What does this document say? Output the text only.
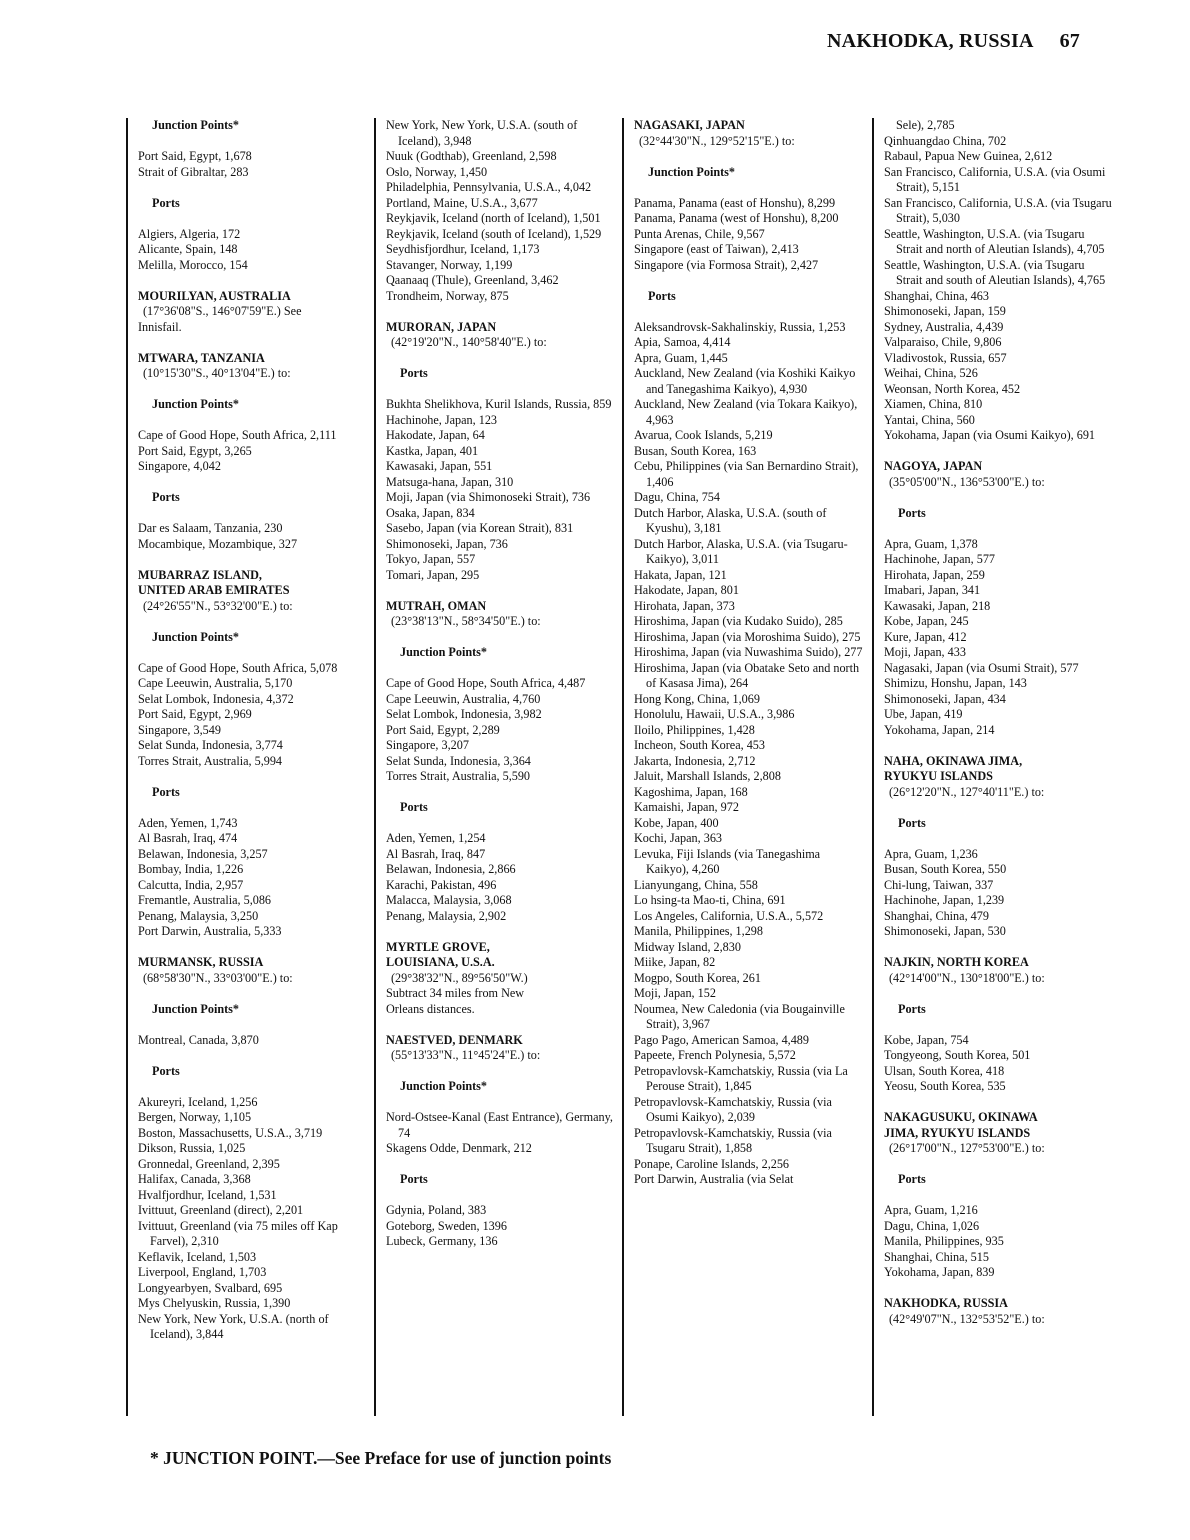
NAKHODKA, RUSSIA 67
Junction Points*
Port Said, Egypt, 1,678
Strait of Gibraltar, 283
Ports
Algiers, Algeria, 172
Alicante, Spain, 148
Melilla, Morocco, 154
MOURILYAN, AUSTRALIA
(17°36'08"S., 146°07'59"E.) See
Innisfail.
MTWARA, TANZANIA
(10°15'30"S., 40°13'04"E.) to:
Junction Points*
Cape of Good Hope, South Africa, 2,111
Port Said, Egypt, 3,265
Singapore, 4,042
Ports
Dar es Salaam, Tanzania, 230
Mocambique, Mozambique, 327
MUBARRAZ ISLAND,
UNITED ARAB EMIRATES
(24°26'55"N., 53°32'00"E.) to:
Junction Points*
Cape of Good Hope, South Africa, 5,078
Cape Leeuwin, Australia, 5,170
Selat Lombok, Indonesia, 4,372
Port Said, Egypt, 2,969
Singapore, 3,549
Selat Sunda, Indonesia, 3,774
Torres Strait, Australia, 5,994
Ports
Aden, Yemen, 1,743
Al Basrah, Iraq, 474
Belawan, Indonesia, 3,257
Bombay, India, 1,226
Calcutta, India, 2,957
Fremantle, Australia, 5,086
Penang, Malaysia, 3,250
Port Darwin, Australia, 5,333
MURMANSK, RUSSIA
(68°58'30"N., 33°03'00"E.) to:
Junction Points*
Montreal, Canada, 3,870
Ports
Akureyri, Iceland, 1,256
Bergen, Norway, 1,105
Boston, Massachusetts, U.S.A., 3,719
Dikson, Russia, 1,025
Gronnedal, Greenland, 2,395
Halifax, Canada, 3,368
Hvalfjordhur, Iceland, 1,531
Ivittuut, Greenland (direct), 2,201
Ivittuut, Greenland (via 75 miles off Kap Farvel), 2,310
Keflavik, Iceland, 1,503
Liverpool, England, 1,703
Longyearbyen, Svalbard, 695
Mys Chelyuskin, Russia, 1,390
New York, New York, U.S.A. (north of Iceland), 3,844
New York, New York, U.S.A. (south of Iceland), 3,948
Nuuk (Godthab), Greenland, 2,598
Oslo, Norway, 1,450
Philadelphia, Pennsylvania, U.S.A., 4,042
Portland, Maine, U.S.A., 3,677
Reykjavik, Iceland (north of Iceland), 1,501
Reykjavik, Iceland (south of Iceland), 1,529
Seydhisfjordhur, Iceland, 1,173
Stavanger, Norway, 1,199
Qaanaaq (Thule), Greenland, 3,462
Trondheim, Norway, 875
MURORAN, JAPAN
(42°19'20"N., 140°58'40"E.) to:
Ports
Bukhta Shelikhova, Kuril Islands, Russia, 859
Hachinohe, Japan, 123
Hakodate, Japan, 64
Kastka, Japan, 401
Kawasaki, Japan, 551
Matsuga-hana, Japan, 310
Moji, Japan (via Shimonoseki Strait), 736
Osaka, Japan, 834
Sasebo, Japan (via Korean Strait), 831
Shimonoseki, Japan, 736
Tokyo, Japan, 557
Tomari, Japan, 295
MUTRAH, OMAN
(23°38'13"N., 58°34'50"E.) to:
Junction Points*
Cape of Good Hope, South Africa, 4,487
Cape Leeuwin, Australia, 4,760
Selat Lombok, Indonesia, 3,982
Port Said, Egypt, 2,289
Singapore, 3,207
Selat Sunda, Indonesia, 3,364
Torres Strait, Australia, 5,590
Ports
Aden, Yemen, 1,254
Al Basrah, Iraq, 847
Belawan, Indonesia, 2,866
Karachi, Pakistan, 496
Malacca, Malaysia, 3,068
Penang, Malaysia, 2,902
MYRTLE GROVE,
LOUISIANA, U.S.A.
(29°38'32"N., 89°56'50"W.)
Subtract 34 miles from New
Orleans distances.
NAESTVED, DENMARK
(55°13'33"N., 11°45'24"E.) to:
Junction Points*
Nord-Ostsee-Kanal (East Entrance), Germany, 74
Skagens Odde, Denmark, 212
Ports
Gdynia, Poland, 383
Goteborg, Sweden, 1396
Lubeck, Germany, 136
NAGASAKI, JAPAN
(32°44'30"N., 129°52'15"E.) to:
Junction Points*
Panama, Panama (east of Honshu), 8,299
Panama, Panama (west of Honshu), 8,200
Punta Arenas, Chile, 9,567
Singapore (east of Taiwan), 2,413
Singapore (via Formosa Strait), 2,427
Ports
Aleksandrovsk-Sakhalinskiy, Russia, 1,253
Apia, Samoa, 4,414
Apra, Guam, 1,445
Auckland, New Zealand (via Koshiki Kaikyo and Tanegashima Kaikyo), 4,930
Auckland, New Zealand (via Tokara Kaikyo), 4,963
Avarua, Cook Islands, 5,219
Busan, South Korea, 163
Cebu, Philippines (via San Bernardino Strait), 1,406
Dagu, China, 754
Dutch Harbor, Alaska, U.S.A. (south of Kyushu), 3,181
Dutch Harbor, Alaska, U.S.A. (via Tsugaru-Kaikyo), 3,011
Hakata, Japan, 121
Hakodate, Japan, 801
Hirohata, Japan, 373
Hiroshima, Japan (via Kudako Suido), 285
Hiroshima, Japan (via Moroshima Suido), 275
Hiroshima, Japan (via Nuwashima Suido), 277
Hiroshima, Japan (via Obatake Seto and north of Kasasa Jima), 264
Hong Kong, China, 1,069
Honolulu, Hawaii, U.S.A., 3,986
Iloilo, Philippines, 1,428
Incheon, South Korea, 453
Jakarta, Indonesia, 2,712
Jaluit, Marshall Islands, 2,808
Kagoshima, Japan, 168
Kamaishi, Japan, 972
Kobe, Japan, 400
Kochi, Japan, 363
Levuka, Fiji Islands (via Tanegashima Kaikyo), 4,260
Lianyungang, China, 558
Lo hsing-ta Mao-ti, China, 691
Los Angeles, California, U.S.A., 5,572
Manila, Philippines, 1,298
Midway Island, 2,830
Miike, Japan, 82
Mogpo, South Korea, 261
Moji, Japan, 152
Noumea, New Caledonia (via Bougainville Strait), 3,967
Pago Pago, American Samoa, 4,489
Papeete, French Polynesia, 5,572
Petropavlovsk-Kamchatskiy, Russia (via La Perouse Strait), 1,845
Petropavlovsk-Kamchatskiy, Russia (via Osumi Kaikyo), 2,039
Petropavlovsk-Kamchatskiy, Russia (via Tsugaru Strait), 1,858
Ponape, Caroline Islands, 2,256
Port Darwin, Australia (via Selat
Sele), 2,785
Qinhuangdao China, 702
Rabaul, Papua New Guinea, 2,612
San Francisco, California, U.S.A. (via Osumi Strait), 5,151
San Francisco, California, U.S.A. (via Tsugaru Strait), 5,030
Seattle, Washington, U.S.A. (via Tsugaru Strait and north of Aleutian Islands), 4,705
Seattle, Washington, U.S.A. (via Tsugaru Strait and south of Aleutian Islands), 4,765
Shanghai, China, 463
Shimonoseki, Japan, 159
Sydney, Australia, 4,439
Valparaiso, Chile, 9,806
Vladivostok, Russia, 657
Weihai, China, 526
Weonsan, North Korea, 452
Xiamen, China, 810
Yantai, China, 560
Yokohama, Japan (via Osumi Kaikyo), 691
NAGOYA, JAPAN
(35°05'00"N., 136°53'00"E.) to:
Ports
Apra, Guam, 1,378
Hachinohe, Japan, 577
Hirohata, Japan, 259
Imabari, Japan, 341
Kawasaki, Japan, 218
Kobe, Japan, 245
Kure, Japan, 412
Moji, Japan, 433
Nagasaki, Japan (via Osumi Strait), 577
Shimizu, Honshu, Japan, 143
Shimonoseki, Japan, 434
Ube, Japan, 419
Yokohama, Japan, 214
NAHA, OKINAWA JIMA,
RYUKYU ISLANDS
(26°12'20"N., 127°40'11"E.) to:
Ports
Apra, Guam, 1,236
Busan, South Korea, 550
Chi-lung, Taiwan, 337
Hachinohe, Japan, 1,239
Shanghai, China, 479
Shimonoseki, Japan, 530
NAJKIN, NORTH KOREA
(42°14'00"N., 130°18'00"E.) to:
Ports
Kobe, Japan, 754
Tongyeong, South Korea, 501
Ulsan, South Korea, 418
Yeosu, South Korea, 535
NAKAGUSUKU, OKINAWA
JIMA, RYUKYU ISLANDS
(26°17'00"N., 127°53'00"E.) to:
Ports
Apra, Guam, 1,216
Dagu, China, 1,026
Manila, Philippines, 935
Shanghai, China, 515
Yokohama, Japan, 839
NAKHODKA, RUSSIA
(42°49'07"N., 132°53'52"E.) to:
* JUNCTION POINT.—See Preface for use of junction points
